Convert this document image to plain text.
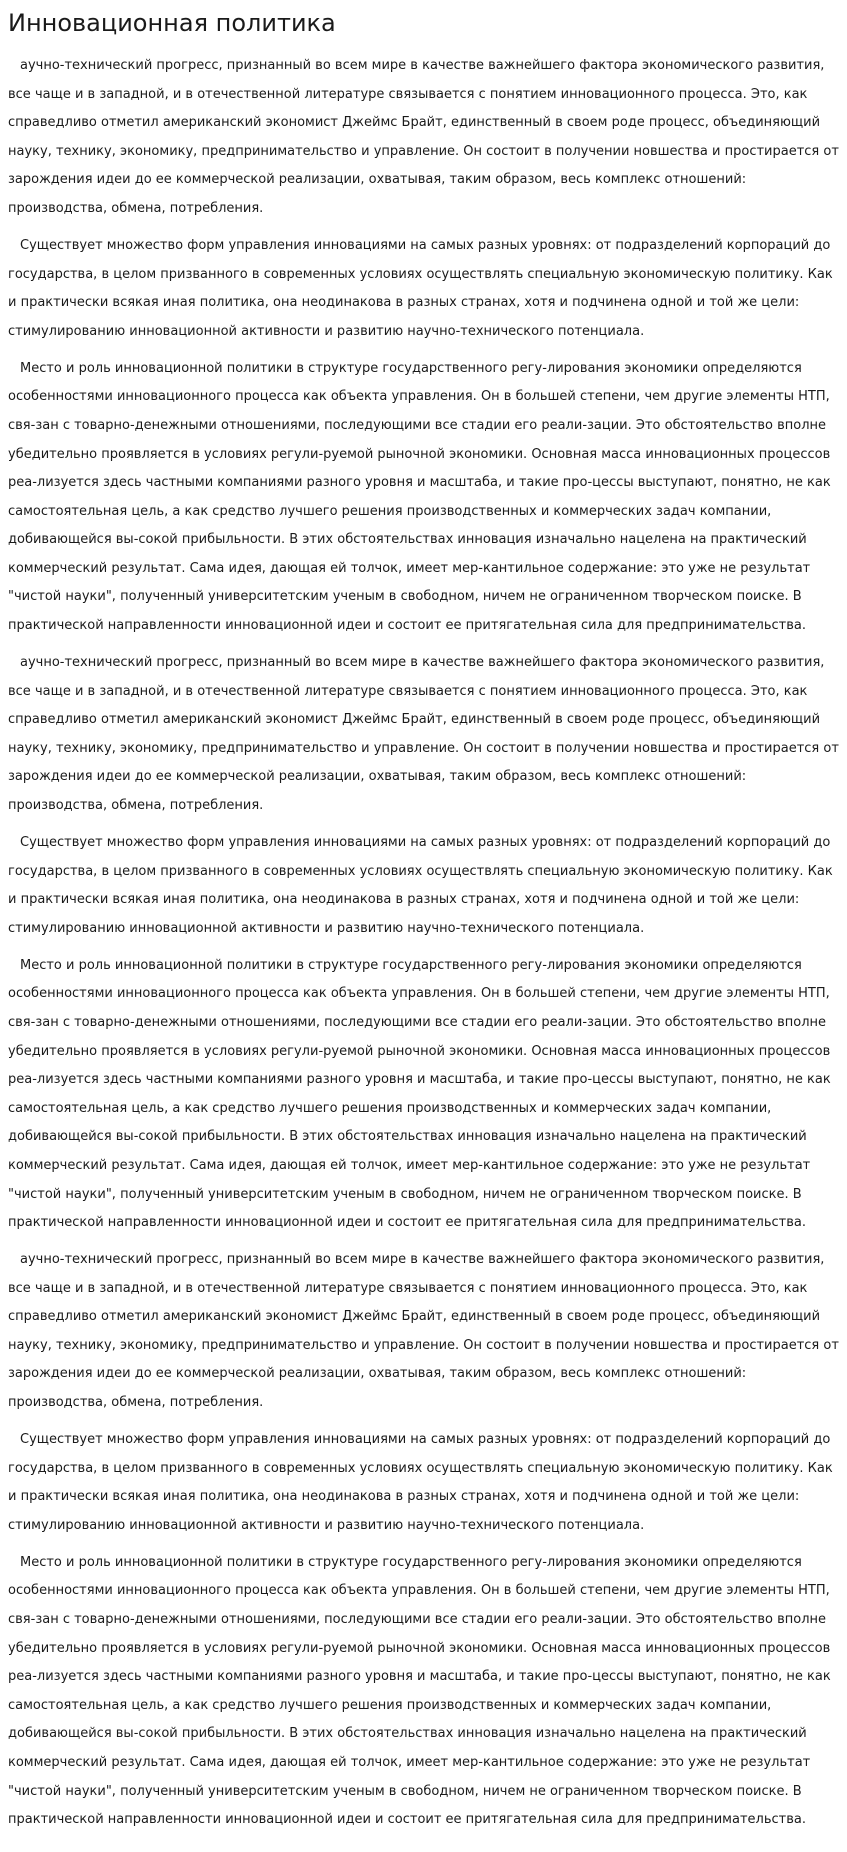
Инновационная политика

аучно-технический прогресс, признанный во всем мире в качестве важнейшего фактора экономического развития, все чаще и в западной, и в отечественной литературе связывается с понятием инновационного процесса. Это, как справедливо отметил американский экономист Джеймс Брайт, единственный в своем роде процесс, объединяющий науку, технику, экономику, предпринимательство и управление. Он состоит в получении новшества и простирается от зарождения идеи до ее коммерческой реализации, охватывая, таким образом, весь комплекс отношений: производства, обмена, потребления.

Существует множество форм управления инновациями на самых разных уровнях: от подразделений корпораций до государства, в целом призванного в современных условиях осуществлять специальную экономическую политику. Как и практически всякая иная политика, она неодинакова в разных странах, хотя и подчинена одной и той же цели: стимулированию инновационной активности и развитию научно-технического потенциала.

Место и роль инновационной политики в структуре государственного регу-лирования экономики определяются особенностями инновационного процесса как объекта управления. Он в большей степени, чем другие элементы НТП, свя-зан с товарно-денежными отношениями, последующими все стадии его реали-зации. Это обстоятельство вполне убедительно проявляется в условиях регули-руемой рыночной экономики. Основная масса инновационных процессов реа-лизуется здесь частными компаниями разного уровня и масштаба, и такие про-цессы выступают, понятно, не как самостоятельная цель, а как средство лучшего решения производственных и коммерческих задач компании, добивающейся вы-сокой прибыльности. В этих обстоятельствах инновация изначально нацелена на практический коммерческий результат. Сама идея, дающая ей толчок, имеет мер-кантильное содержание: это уже не результат "чистой науки", полученный университетским ученым в свободном, ничем не ограниченном творческом поиске. В практической направленности инновационной идеи и состоит ее притягательная сила для предпринимательства.

аучно-технический прогресс, признанный во всем мире в качестве важнейшего фактора экономического развития, все чаще и в западной, и в отечественной литературе связывается с понятием инновационного процесса. Это, как справедливо отметил американский экономист Джеймс Брайт, единственный в своем роде процесс, объединяющий науку, технику, экономику, предпринимательство и управление. Он состоит в получении новшества и простирается от зарождения идеи до ее коммерческой реализации, охватывая, таким образом, весь комплекс отношений: производства, обмена, потребления.

Существует множество форм управления инновациями на самых разных уровнях: от подразделений корпораций до государства, в целом призванного в современных условиях осуществлять специальную экономическую политику. Как и практически всякая иная политика, она неодинакова в разных странах, хотя и подчинена одной и той же цели: стимулированию инновационной активности и развитию научно-технического потенциала.

Место и роль инновационной политики в структуре государственного регу-лирования экономики определяются особенностями инновационного процесса как объекта управления. Он в большей степени, чем другие элементы НТП, свя-зан с товарно-денежными отношениями, последующими все стадии его реали-зации. Это обстоятельство вполне убедительно проявляется в условиях регули-руемой рыночной экономики. Основная масса инновационных процессов реа-лизуется здесь частными компаниями разного уровня и масштаба, и такие про-цессы выступают, понятно, не как самостоятельная цель, а как средство лучшего решения производственных и коммерческих задач компании, добивающейся вы-сокой прибыльности. В этих обстоятельствах инновация изначально нацелена на практический коммерческий результат. Сама идея, дающая ей толчок, имеет мер-кантильное содержание: это уже не результат "чистой науки", полученный университетским ученым в свободном, ничем не ограниченном творческом поиске. В практической направленности инновационной идеи и состоит ее притягательная сила для предпринимательства.

аучно-технический прогресс, признанный во всем мире в качестве важнейшего фактора экономического развития, все чаще и в западной, и в отечественной литературе связывается с понятием инновационного процесса. Это, как справедливо отметил американский экономист Джеймс Брайт, единственный в своем роде процесс, объединяющий науку, технику, экономику, предпринимательство и управление. Он состоит в получении новшества и простирается от зарождения идеи до ее коммерческой реализации, охватывая, таким образом, весь комплекс отношений: производства, обмена, потребления.

Существует множество форм управления инновациями на самых разных уровнях: от подразделений корпораций до государства, в целом призванного в современных условиях осуществлять специальную экономическую политику. Как и практически всякая иная политика, она неодинакова в разных странах, хотя и подчинена одной и той же цели: стимулированию инновационной активности и развитию научно-технического потенциала.

Место и роль инновационной политики в структуре государственного регу-лирования экономики определяются особенностями инновационного процесса как объекта управления. Он в большей степени, чем другие элементы НТП, свя-зан с товарно-денежными отношениями, последующими все стадии его реали-зации. Это обстоятельство вполне убедительно проявляется в условиях регули-руемой рыночной экономики. Основная масса инновационных процессов реа-лизуется здесь частными компаниями разного уровня и масштаба, и такие про-цессы выступают, понятно, не как самостоятельная цель, а как средство лучшего решения производственных и коммерческих задач компании, добивающейся вы-сокой прибыльности. В этих обстоятельствах инновация изначально нацелена на практический коммерческий результат. Сама идея, дающая ей толчок, имеет мер-кантильное содержание: это уже не результат "чистой науки", полученный университетским ученым в свободном, ничем не ограниченном творческом поиске. В практической направленности инновационной идеи и состоит ее притягательная сила для предпринимательства.
